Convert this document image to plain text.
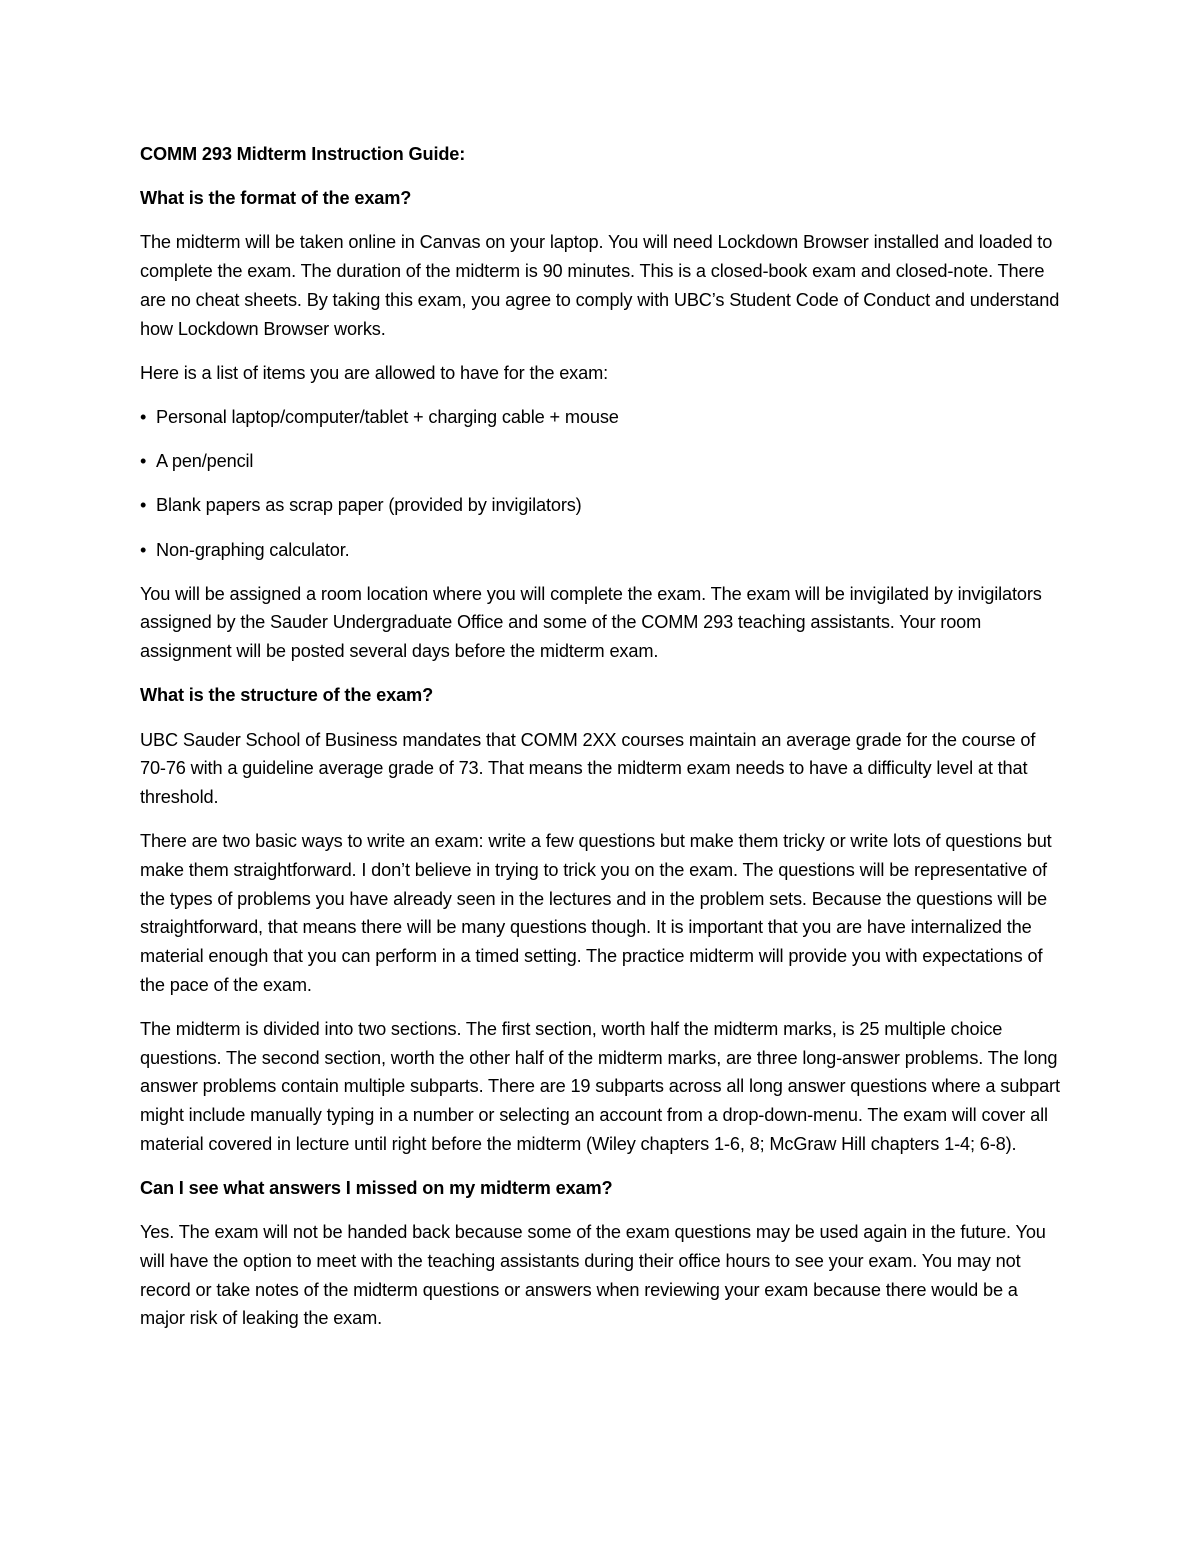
COMM 293 Midterm Instruction Guide:

What is the format of the exam?

The midterm will be taken online in Canvas on your laptop. You will need Lockdown Browser installed and loaded to complete the exam. The duration of the midterm is 90 minutes. This is a closed-book exam and closed-note. There are no cheat sheets. By taking this exam, you agree to comply with UBC’s Student Code of Conduct and understand how Lockdown Browser works.

Here is a list of items you are allowed to have for the exam:

• Personal laptop/computer/tablet + charging cable + mouse
• A pen/pencil
• Blank papers as scrap paper (provided by invigilators)
• Non-graphing calculator.

You will be assigned a room location where you will complete the exam. The exam will be invigilated by invigilators assigned by the Sauder Undergraduate Office and some of the COMM 293 teaching assistants. Your room assignment will be posted several days before the midterm exam.

What is the structure of the exam?

UBC Sauder School of Business mandates that COMM 2XX courses maintain an average grade for the course of 70-76 with a guideline average grade of 73. That means the midterm exam needs to have a difficulty level at that threshold.

There are two basic ways to write an exam: write a few questions but make them tricky or write lots of questions but make them straightforward. I don’t believe in trying to trick you on the exam. The questions will be representative of the types of problems you have already seen in the lectures and in the problem sets. Because the questions will be straightforward, that means there will be many questions though. It is important that you are have internalized the material enough that you can perform in a timed setting. The practice midterm will provide you with expectations of the pace of the exam.

The midterm is divided into two sections. The first section, worth half the midterm marks, is 25 multiple choice questions. The second section, worth the other half of the midterm marks, are three long-answer problems. The long answer problems contain multiple subparts. There are 19 subparts across all long answer questions where a subpart might include manually typing in a number or selecting an account from a drop-down-menu. The exam will cover all material covered in lecture until right before the midterm (Wiley chapters 1-6, 8; McGraw Hill chapters 1-4; 6-8).

Can I see what answers I missed on my midterm exam?

Yes. The exam will not be handed back because some of the exam questions may be used again in the future. You will have the option to meet with the teaching assistants during their office hours to see your exam. You may not record or take notes of the midterm questions or answers when reviewing your exam because there would be a major risk of leaking the exam.
